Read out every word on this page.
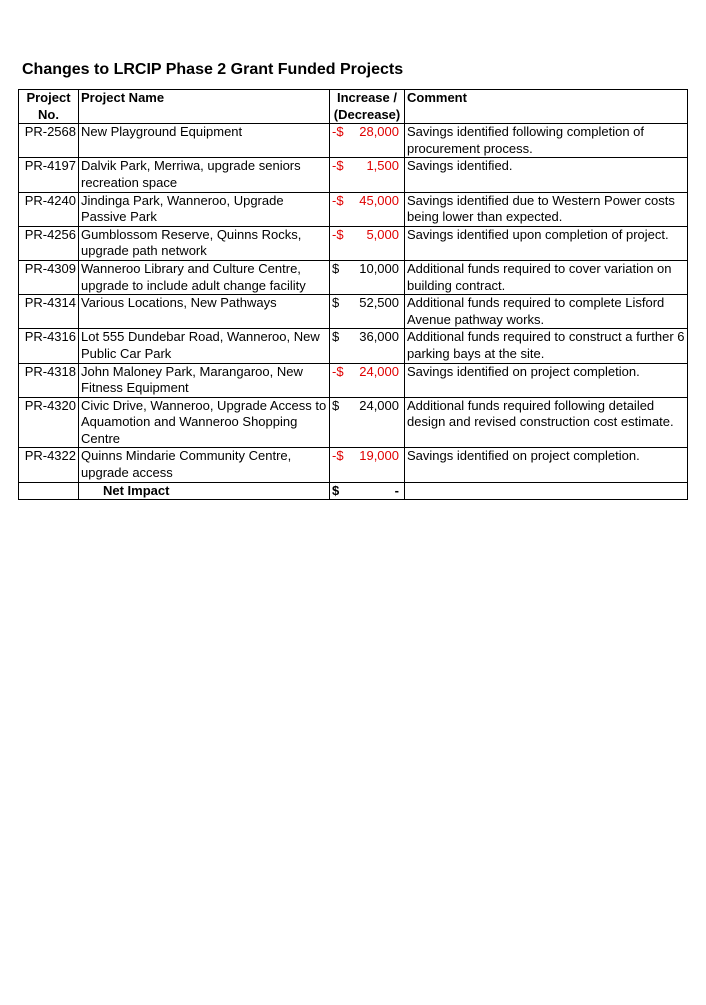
Changes to LRCIP Phase 2 Grant Funded Projects
Project No.	Project Name	Increase / (Decrease)	Comment
PR-2568	New Playground Equipment	-$ 28,000	Savings identified following completion of procurement process.
PR-4197	Dalvik Park, Merriwa, upgrade seniors recreation space	-$ 1,500	Savings identified.
PR-4240	Jindinga Park, Wanneroo, Upgrade Passive Park	-$ 45,000	Savings identified due to Western Power costs being lower than expected.
PR-4256	Gumblossom Reserve, Quinns Rocks, upgrade path network	-$ 5,000	Savings identified upon completion of project.
PR-4309	Wanneroo Library and Culture Centre, upgrade to include adult change facility	$ 10,000	Additional funds required to cover variation on building contract.
PR-4314	Various Locations, New Pathways	$ 52,500	Additional funds required to complete Lisford Avenue pathway works.
PR-4316	Lot 555 Dundebar Road, Wanneroo, New Public Car Park	$ 36,000	Additional funds required to construct a further 6 parking bays at the site.
PR-4318	John Maloney Park, Marangaroo, New Fitness Equipment	-$ 24,000	Savings identified on project completion.
PR-4320	Civic Drive, Wanneroo, Upgrade Access to Aquamotion and Wanneroo Shopping Centre	$ 24,000	Additional funds required following detailed design and revised construction cost estimate.
PR-4322	Quinns Mindarie Community Centre, upgrade access	-$ 19,000	Savings identified on project completion.
	Net Impact	$ -	
